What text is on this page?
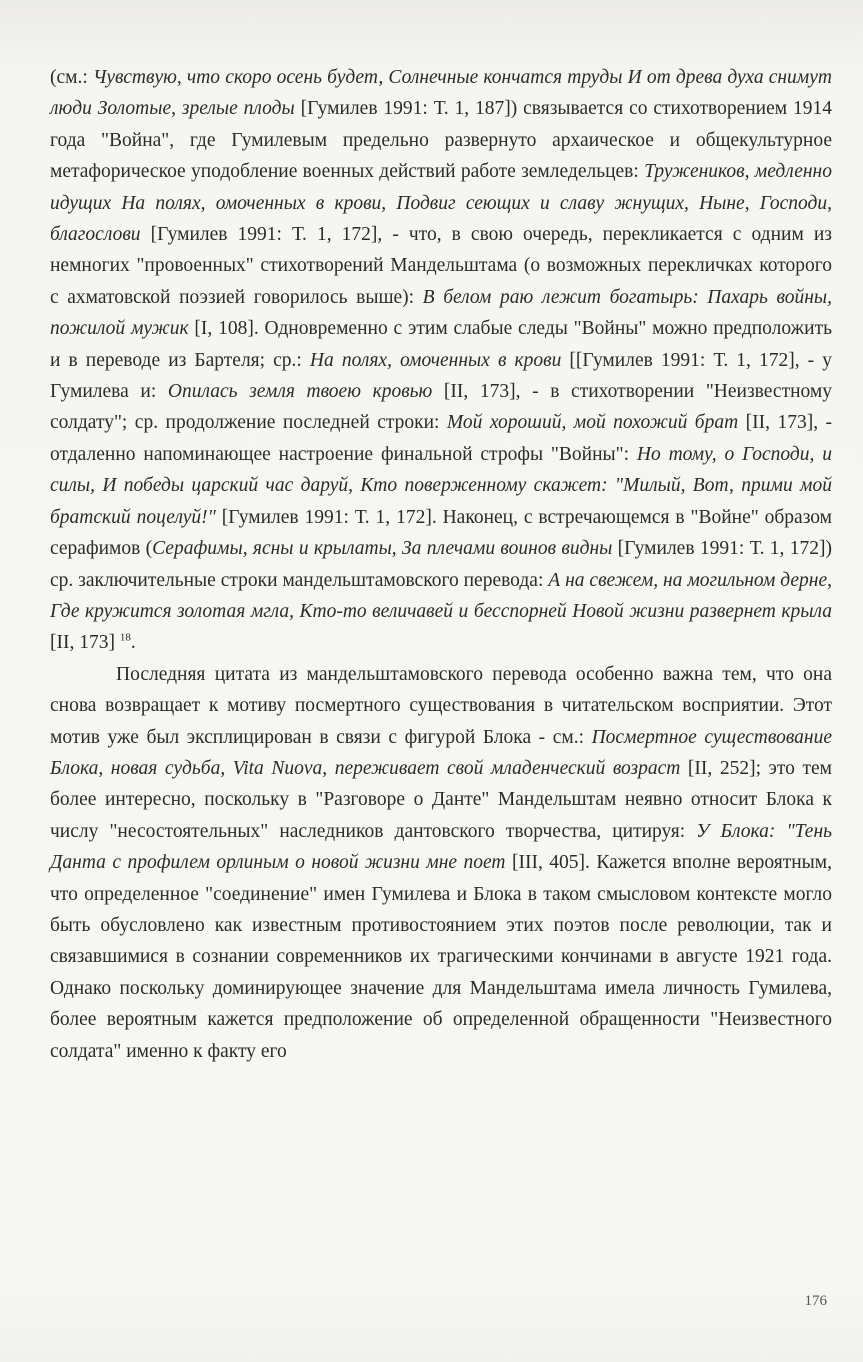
(см.: Чувствую, что скоро осень будет, Солнечные кончатся труды И от древа духа снимут люди Золотые, зрелые плоды [Гумилев 1991: Т. 1, 187]) связывается со стихотворением 1914 года "Война", где Гумилевым предельно развернуто архаическое и общекультурное метафорическое уподобление военных действий работе земледельцев: Тружеников, медленно идущих На полях, омоченных в крови, Подвиг сеющих и славу жнущих, Ныне, Господи, благослови [Гумилев 1991: Т. 1, 172], - что, в свою очередь, перекликается с одним из немногих "провоенных" стихотворений Мандельштама (о возможных перекличках которого с ахматовской поэзией говорилось выше): В белом раю лежит богатырь: Пахарь войны, пожилой мужик [I, 108]. Одновременно с этим слабые следы "Войны" можно предположить и в переводе из Бартеля; ср.: На полях, омоченных в крови [[Гумилев 1991: Т. 1, 172], - у Гумилева и: Опилась земля твоею кровью [II, 173], - в стихотворении "Неизвестному солдату"; ср. продолжение последней строки: Мой хороший, мой похожий брат [II, 173], - отдаленно напоминающее настроение финальной строфы "Войны": Но тому, о Господи, и силы, И победы царский час даруй, Кто поверженному скажет: "Милый, Вот, прими мой братский поцелуй!" [Гумилев 1991: Т. 1, 172]. Наконец, с встречающемся в "Войне" образом серафимов (Серафимы, ясны и крылаты, За плечами воинов видны [Гумилев 1991: Т. 1, 172]) ср. заключительные строки мандельштамовского перевода: А на свежем, на могильном дерне, Где кружится золотая мгла, Кто-то величавей и бесспорней Новой жизни развернет крыла [II, 173] $^{18}$.

Последняя цитата из мандельштамовского перевода особенно важна тем, что она снова возвращает к мотиву посмертного существования в читательском восприятии. Этот мотив уже был эксплицирован в связи с фигурой Блока - см.: Посмертное существование Блока, новая судьба, Vita Nuova, переживает свой младенческий возраст [II, 252]; это тем более интересно, поскольку в "Разговоре о Данте" Мандельштам неявно относит Блока к числу "несостоятельных" наследников дантовского творчества, цитируя: У Блока: "Тень Данта с профилем орлиным о новой жизни мне поет [III, 405]. Кажется вполне вероятным, что определенное "соединение" имен Гумилева и Блока в таком смысловом контексте могло быть обусловлено как известным противостоянием этих поэтов после революции, так и связавшимися в сознании современников их трагическими кончинами в августе 1921 года. Однако поскольку доминирующее значение для Мандельштама имела личность Гумилева, более вероятным кажется предположение об определенной обращенности "Неизвестного солдата" именно к факту его

176
